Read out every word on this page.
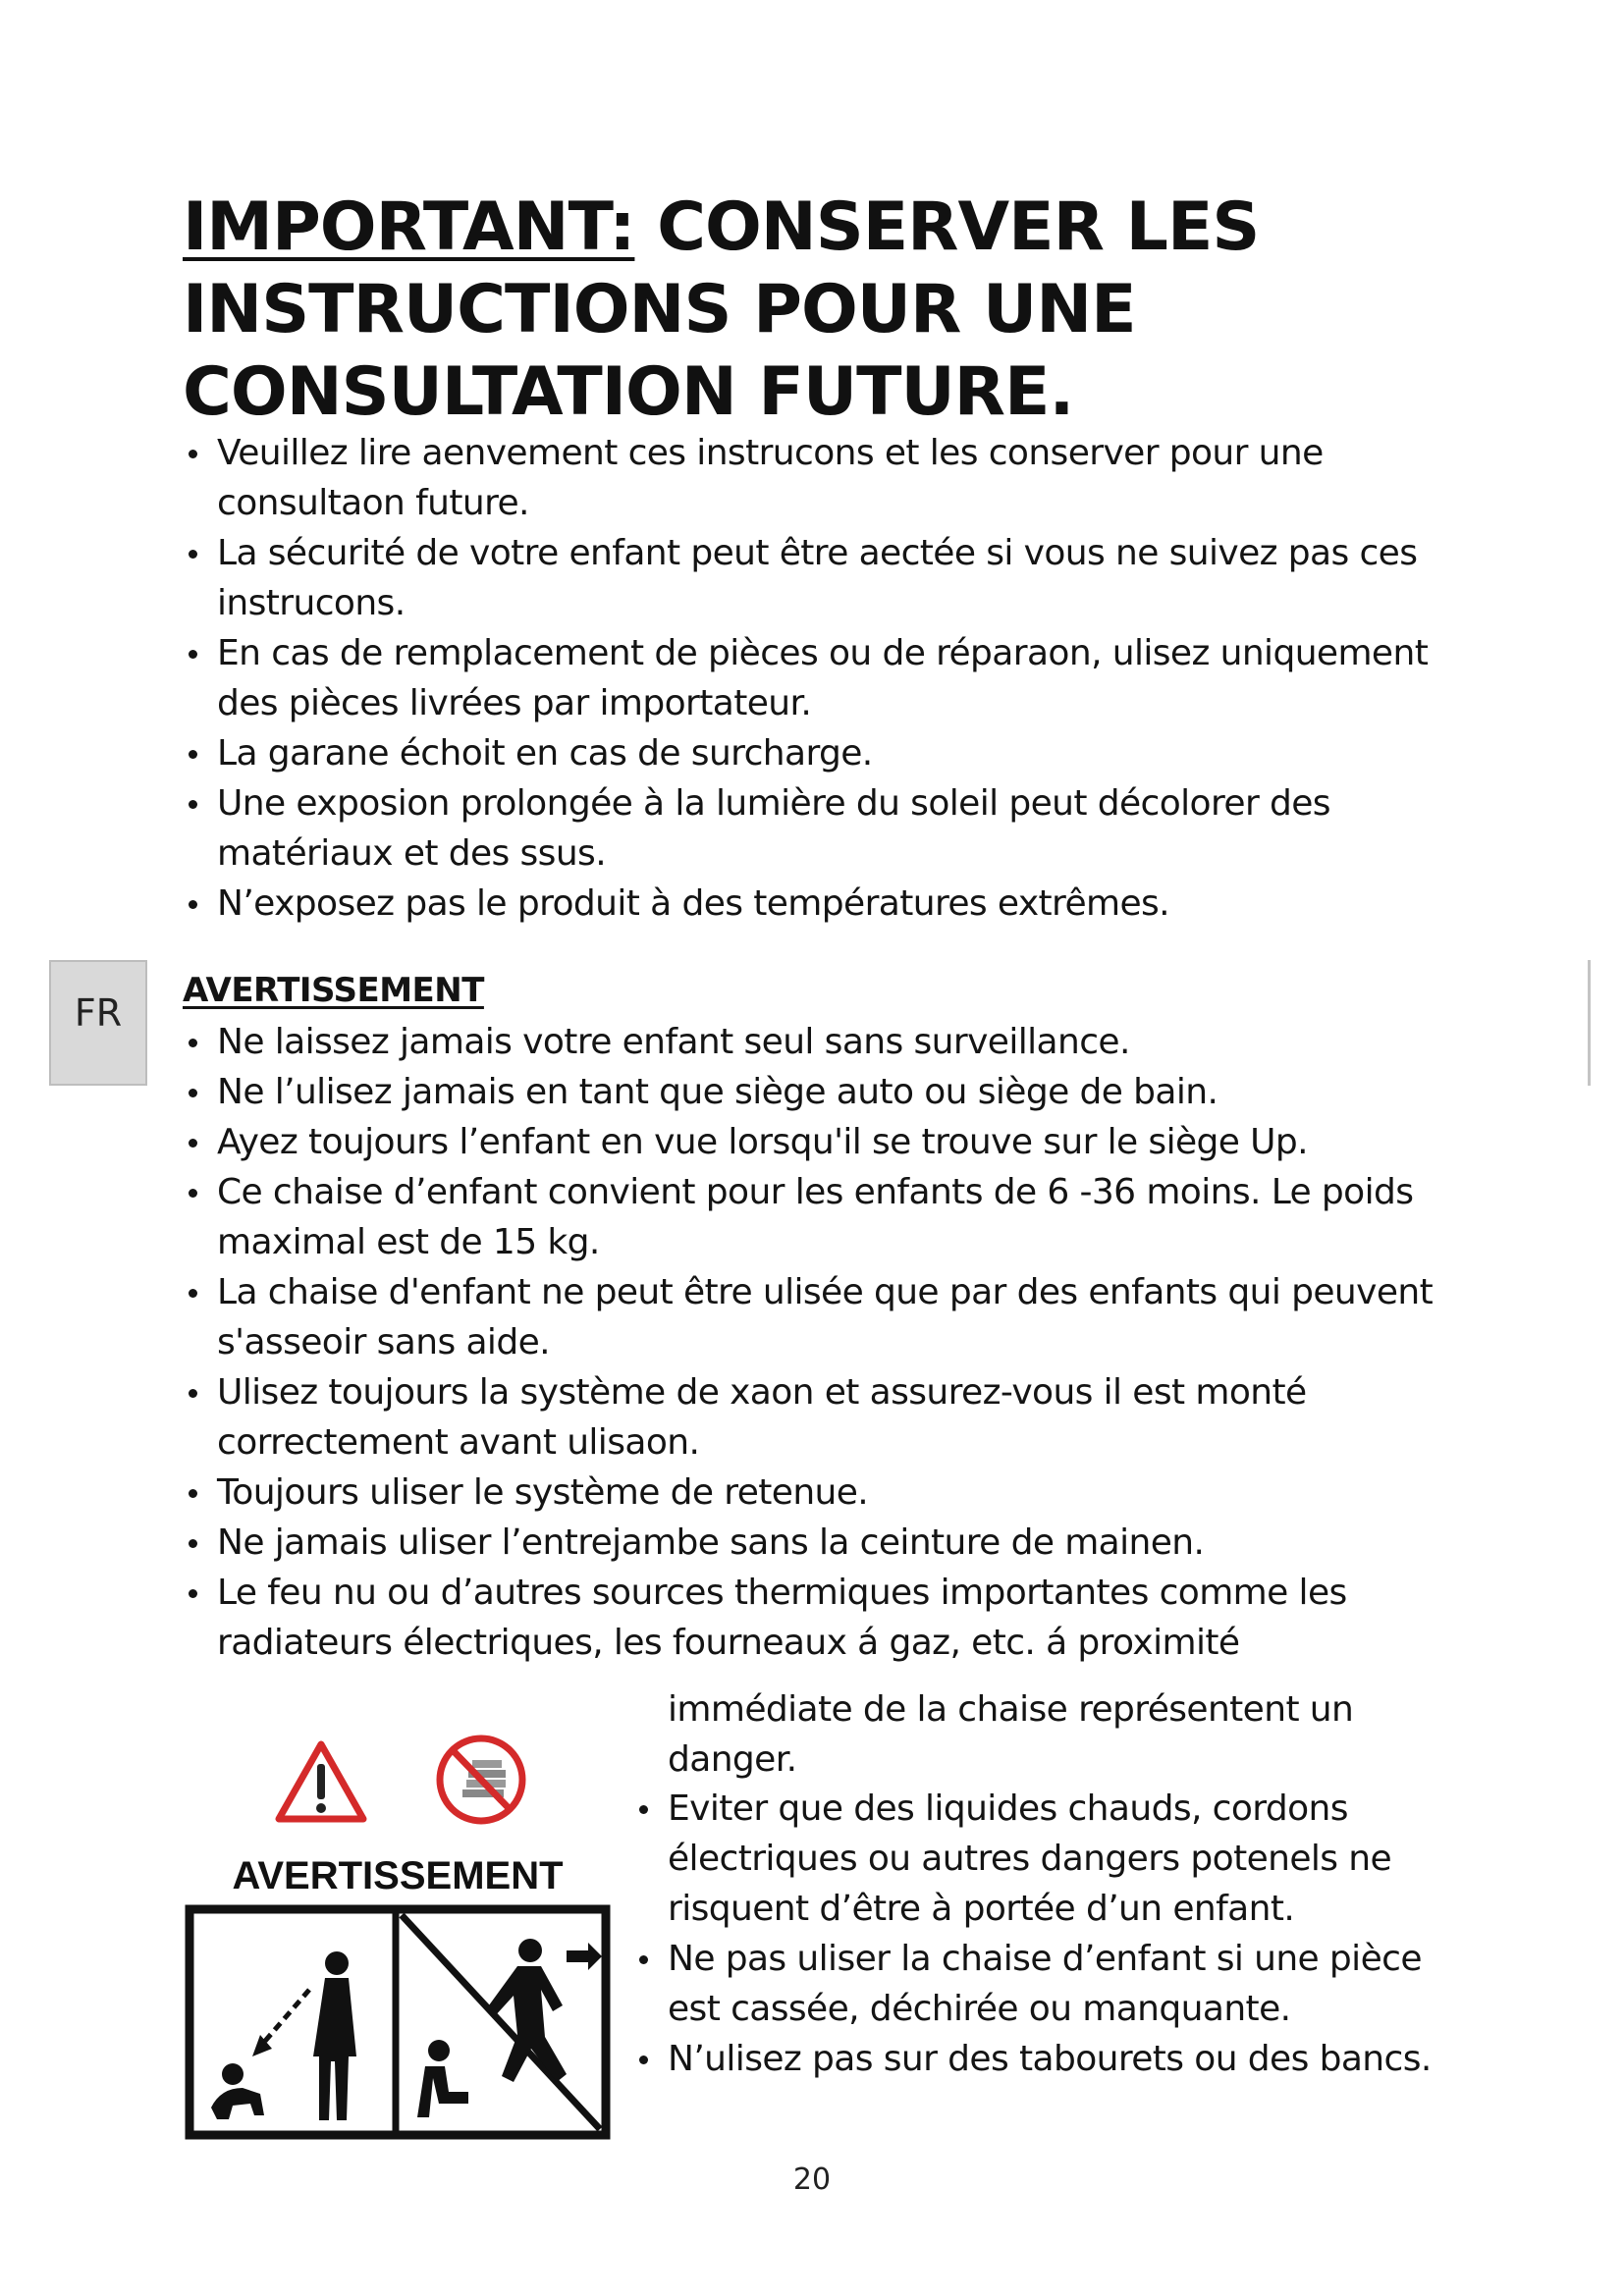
FR
IMPORTANT: CONSERVER LES INSTRUCTIONS POUR UNE CONSULTATION FUTURE.
Veuillez lire aenvement ces instrucons et les conserver pour une consultaon future.
La sécurité de votre enfant peut être aectée si vous ne suivez pas ces instrucons.
En cas de remplacement de pièces ou de réparaon, ulisez uniquement des pièces livrées par importateur.
La garane échoit en cas de surcharge.
Une exposion prolongée à la lumière du soleil peut décolorer des matériaux et des ssus.
N’exposez pas le produit à des températures extrêmes.
AVERTISSEMENT
Ne laissez jamais votre enfant seul sans surveillance.
Ne l’ulisez jamais en tant que siège auto ou siège de bain.
Ayez toujours l’enfant en vue lorsqu'il se trouve sur le siège Up.
Ce chaise d’enfant convient pour les enfants de 6 -36 moins. Le poids maximal est de 15 kg.
La chaise d'enfant ne peut être ulisée que par des enfants qui peuvent s'asseoir sans aide.
Ulisez toujours la système de xaon et assurez-vous il est monté correctement avant ulisaon.
Toujours uliser le système de retenue.
Ne jamais uliser l’entrejambe sans la ceinture de mainen.
Le feu nu ou d’autres sources thermiques importantes comme les radiateurs électriques, les fourneaux á gaz, etc. á proximité
immédiate de la chaise représentent un danger.
Eviter que des liquides chauds, cordons électriques ou autres dangers potenels ne risquent d’être à portée d’un enfant.
Ne pas uliser la chaise d’enfant si une pièce est cassée, déchirée ou manquante.
N’ulisez pas sur des tabourets ou des bancs.
AVERTISSEMENT
20
